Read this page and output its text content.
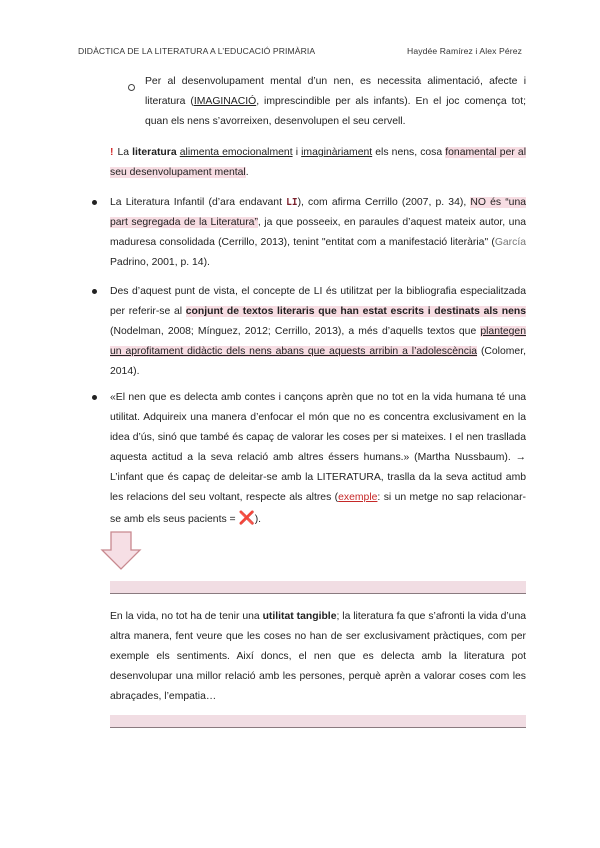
DIDÀCTICA DE LA LITERATURA A L’EDUCACIÓ PRIMÀRIA	Haydée Ramírez i Alex Pérez
Per al desenvolupament mental d’un nen, es necessita alimentació, afecte i literatura (IMAGINACIÓ, imprescindible per als infants). En el joc comença tot; quan els nens s’avorreixen, desenvolupen el seu cervell.
! La literatura alimenta emocionalment i imaginàriament els nens, cosa fonamental per al seu desenvolupament mental.
La Literatura Infantil (d’ara endavant LI), com afirma Cerrillo (2007, p. 34), NO és “una part segregada de la Literatura”, ja que posseeix, en paraules d’aquest mateix autor, una maduresa consolidada (Cerrillo, 2013), tenint "entitat com a manifestació literària" (García Padrino, 2001, p. 14).
Des d’aquest punt de vista, el concepte de LI és utilitzat per la bibliografia especialitzada per referir-se al conjunt de textos literaris que han estat escrits i destinats als nens (Nodelman, 2008; Mínguez, 2012; Cerrillo, 2013), a més d’aquells textos que plantegen un aprofitament didàctic dels nens abans que aquests arribin a l’adolescència (Colomer, 2014).
«El nen que es delecta amb contes i cançons aprèn que no tot en la vida humana té una utilitat. Adquireix una manera d’enfocar el món que no es concentra exclusivament en la idea d’ús, sinó que també és capaç de valorar les coses per si mateixes. I el nen trasllada aquesta actitud a la seva relació amb altres éssers humans.» (Martha Nussbaum). → L’infant que és capaç de deleitar-se amb la LITERATURA, traslla da la seva actitud amb les relacions del seu voltant, respecte als altres (exemple: si un metge no sap relacionar-se amb els seus pacients = ❌).
En la vida, no tot ha de tenir una utilitat tangible; la literatura fa que s’afronti la vida d’una altra manera, fent veure que les coses no han de ser exclusivament pràctiques, com per exemple els sentiments. Així doncs, el nen que es delecta amb la literatura pot desenvolupar una millor relació amb les persones, perquè aprèn a valorar coses com les abraçades, l’empatia…
